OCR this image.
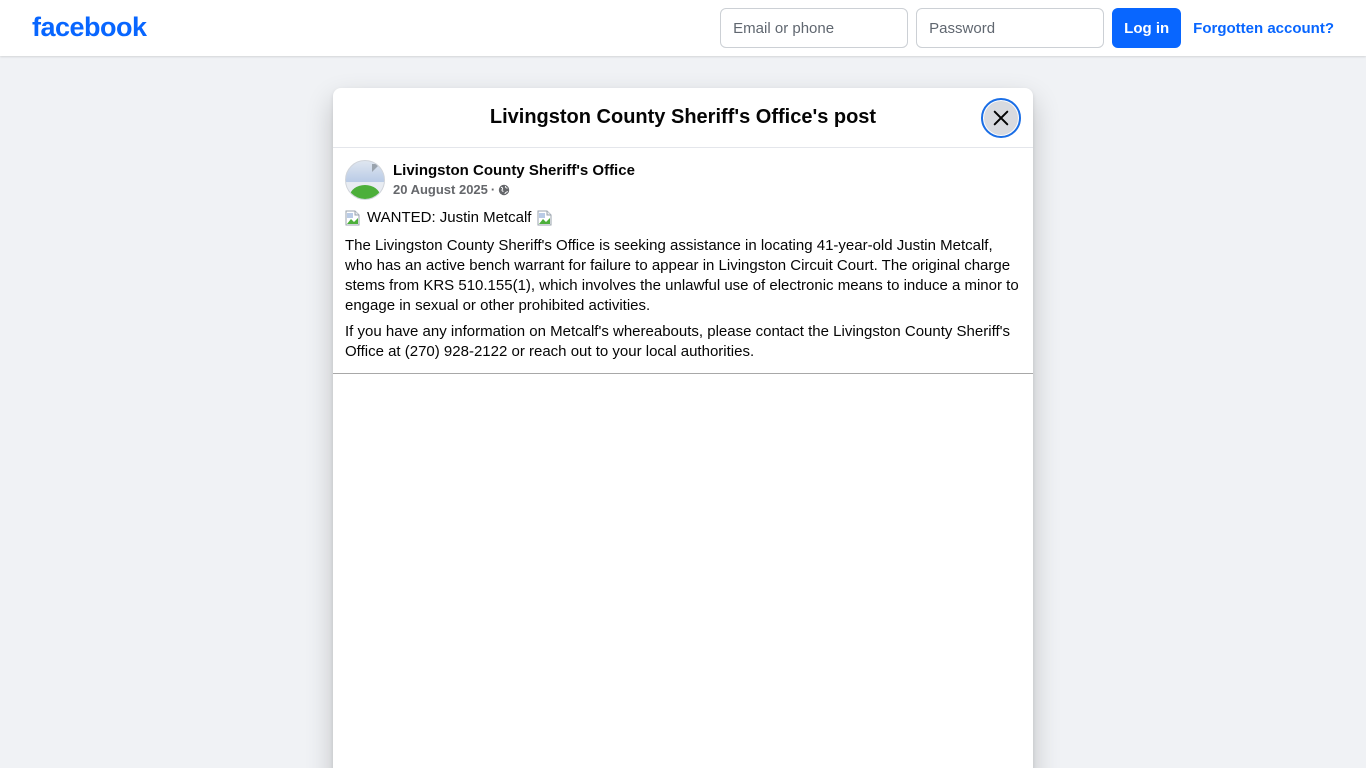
facebook
Email or phone	Log in	Forgotten account?
Livingston County Sheriff's Office's post
Livingston County Sheriff's Office
20 August 2025 ·
WANTED: Justin Metcalf

The Livingston County Sheriff's Office is seeking assistance in locating 41-year-old Justin Metcalf, who has an active bench warrant for failure to appear in Livingston Circuit Court. The original charge stems from KRS 510.155(1), which involves the unlawful use of electronic means to induce a minor to engage in sexual or other prohibited activities.

If you have any information on Metcalf's whereabouts, please contact the Livingston County Sheriff's Office at (270) 928-2122 or reach out to your local authorities.
